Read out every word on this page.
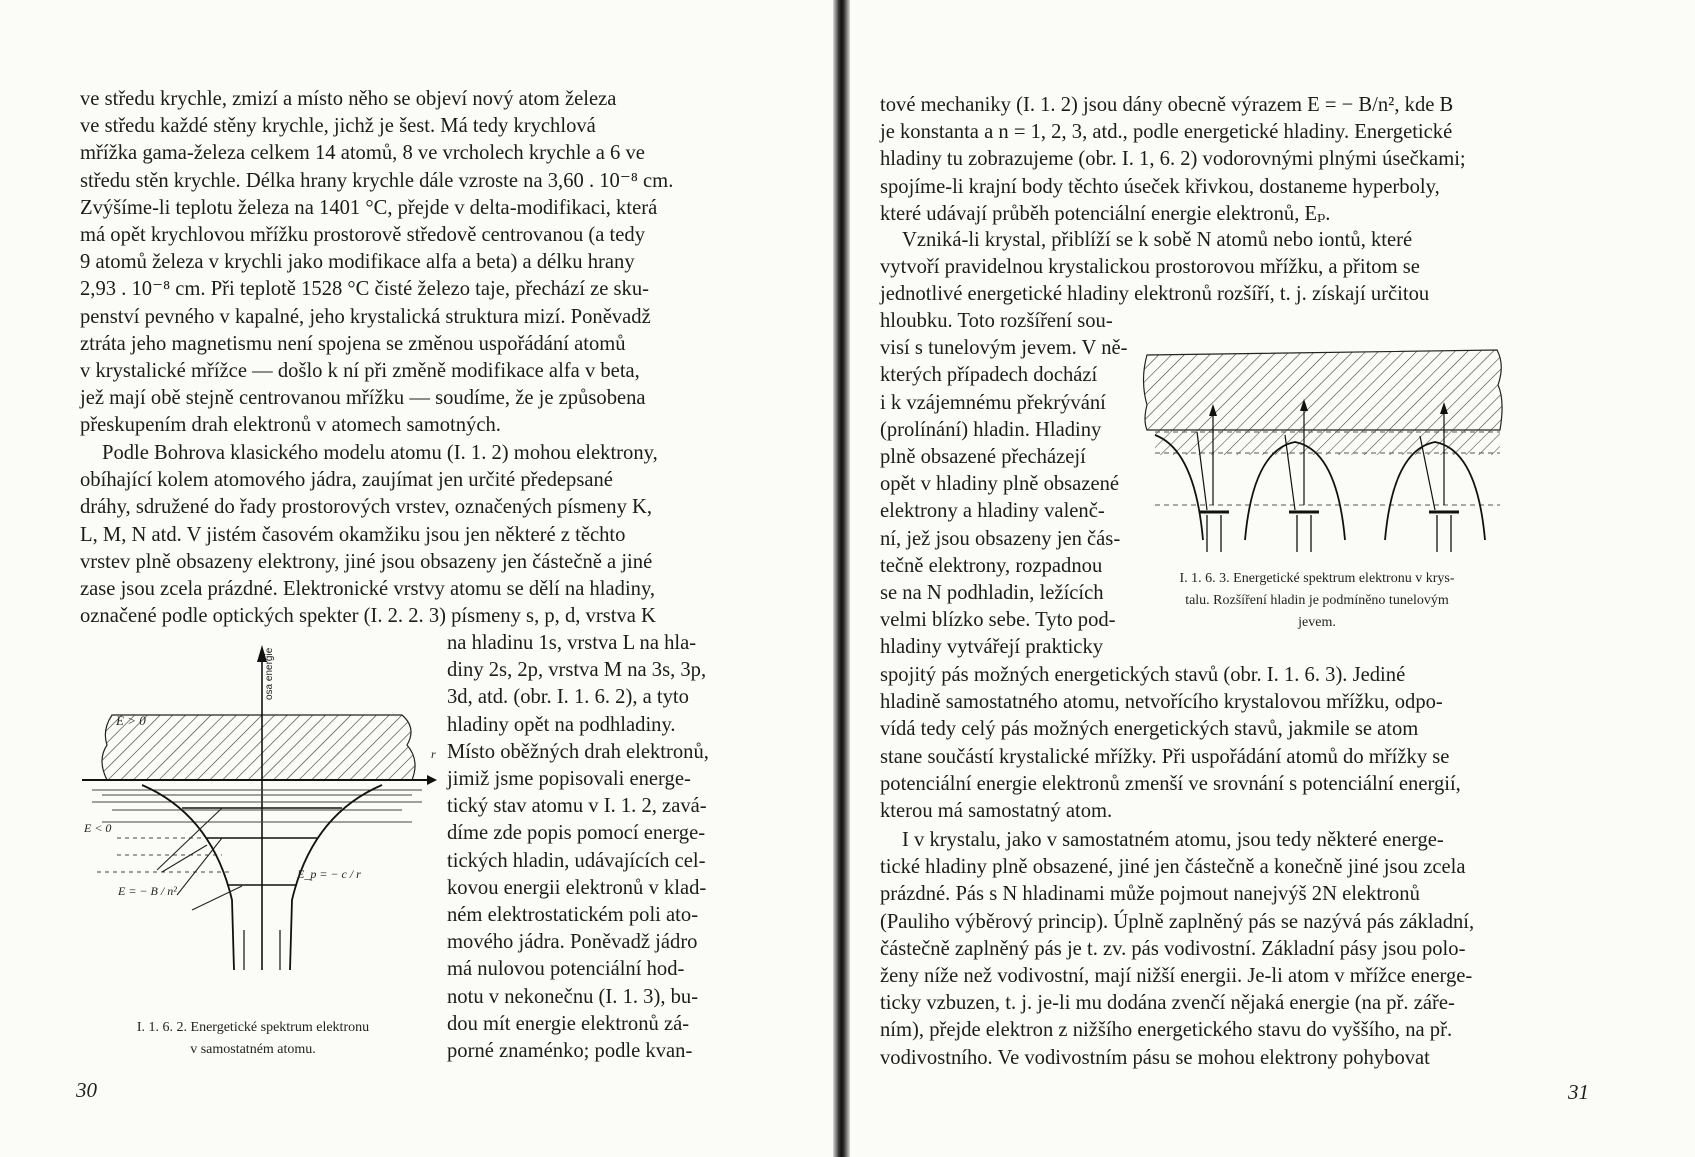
ve středu krychle, zmizí a místo něho se objeví nový atom železa
ve středu každé stěny krychle, jichž je šest. Má tedy krychlová
mřížka gama-železa celkem 14 atomů, 8 ve vrcholech krychle a 6 ve
středu stěn krychle. Délka hrany krychle dále vzroste na 3,60 . 10⁻⁸ cm.
Zvýšíme-li teplotu železa na 1401 °C, přejde v delta-modifikaci, která
má opět krychlovou mřížku prostorově středově centrovanou (a tedy
9 atomů železa v krychli jako modifikace alfa a beta) a délku hrany
2,93 . 10⁻⁸ cm. Při teplotě 1528 °C čisté železo taje, přechází ze sku-
penství pevného v kapalné, jeho krystalická struktura mizí. Poněvadž
ztráta jeho magnetismu není spojena se změnou uspořádání atomů
v krystalické mřížce — došlo k ní při změně modifikace alfa v beta,
jež mají obě stejně centrovanou mřížku — soudíme, že je způsobena
přeskupením drah elektronů v atomech samotných.

Podle Bohrova klasického modelu atomu (I. 1. 2) mohou elektrony,
obíhající kolem atomového jádra, zaujímat jen určité předepsané
dráhy, sdružené do řady prostorových vrstev, označených písmeny K,
L, M, N atd. V jistém časovém okamžiku jsou jen některé z těchto
vrstev plně obsazeny elektrony, jiné jsou obsazeny jen částečně a jiné
zase jsou zcela prázdné. Elektronické vrstvy atomu se dělí na hladiny,
označené podle optických spekter (I. 2. 2. 3) písmeny s, p, d, vrstva K

na hladinu 1s, vrstva L na hla-
diny 2s, 2p, vrstva M na 3s, 3p,
3d, atd. (obr. I. 1. 6. 2), a tyto
hladiny opět na podhladiny.
Místo oběžných drah elektronů,
jimiž jsme popisovali energe-
tický stav atomu v I. 1. 2, zavá-
díme zde popis pomocí energe-
tických hladin, udávajících cel-
kovou energii elektronů v klad-
ném elektrostatickém poli ato-
mového jádra. Poněvadž jádro
má nulovou potenciální hod-
notu v nekonečnu (I. 1. 3), bu-
dou mít energie elektronů zá-
porné znaménko; podle kvan-

E > 0
E < 0
r
osa energie
E = − B / n²
E_p = − c / r

I. 1. 6. 2. Energetické spektrum elektronu
v samostatném atomu.

30

tové mechaniky (I. 1. 2) jsou dány obecně výrazem E = − B/n², kde B
je konstanta a n = 1, 2, 3, atd., podle energetické hladiny. Energetické
hladiny tu zobrazujeme (obr. I. 1, 6. 2) vodorovnými plnými úsečkami;
spojíme-li krajní body těchto úseček křivkou, dostaneme hyperboly,
které udávají průběh potenciální energie elektronů, Eₚ.

Vzniká-li krystal, přiblíží se k sobě N atomů nebo iontů, které
vytvoří pravidelnou krystalickou prostorovou mřížku, a přitom se
jednotlivé energetické hladiny elektronů rozšíří, t. j. získají určitou

hloubku. Toto rozšíření sou-
visí s tunelovým jevem. V ně-
kterých případech dochází
i k vzájemnému překrývání
(prolínání) hladin. Hladiny
plně obsazené přecházejí
opět v hladiny plně obsazené
elektrony a hladiny valenč-
ní, jež jsou obsazeny jen čás-
tečně elektrony, rozpadnou
se na N podhladin, ležících
velmi blízko sebe. Tyto pod-
hladiny vytvářejí prakticky

I. 1. 6. 3. Energetické spektrum elektronu v krys-
talu. Rozšíření hladin je podmíněno tunelovým
jevem.

spojitý pás možných energetických stavů (obr. I. 1. 6. 3). Jediné
hladině samostatného atomu, netvořícího krystalovou mřížku, odpo-
vídá tedy celý pás možných energetických stavů, jakmile se atom
stane součástí krystalické mřížky. Při uspořádání atomů do mřížky se
potenciální energie elektronů zmenší ve srovnání s potenciální energií,
kterou má samostatný atom.

I v krystalu, jako v samostatném atomu, jsou tedy některé energe-
tické hladiny plně obsazené, jiné jen částečně a konečně jiné jsou zcela
prázdné. Pás s N hladinami může pojmout nanejvýš 2N elektronů
(Pauliho výběrový princip). Úplně zaplněný pás se nazývá pás základní,
částečně zaplněný pás je t. zv. pás vodivostní. Základní pásy jsou polo-
ženy níže než vodivostní, mají nižší energii. Je-li atom v mřížce energe-
ticky vzbuzen, t. j. je-li mu dodána zvenčí nějaká energie (na př. záře-
ním), přejde elektron z nižšího energetického stavu do vyššího, na př.
vodivostního. Ve vodivostním pásu se mohou elektrony pohybovat

31
